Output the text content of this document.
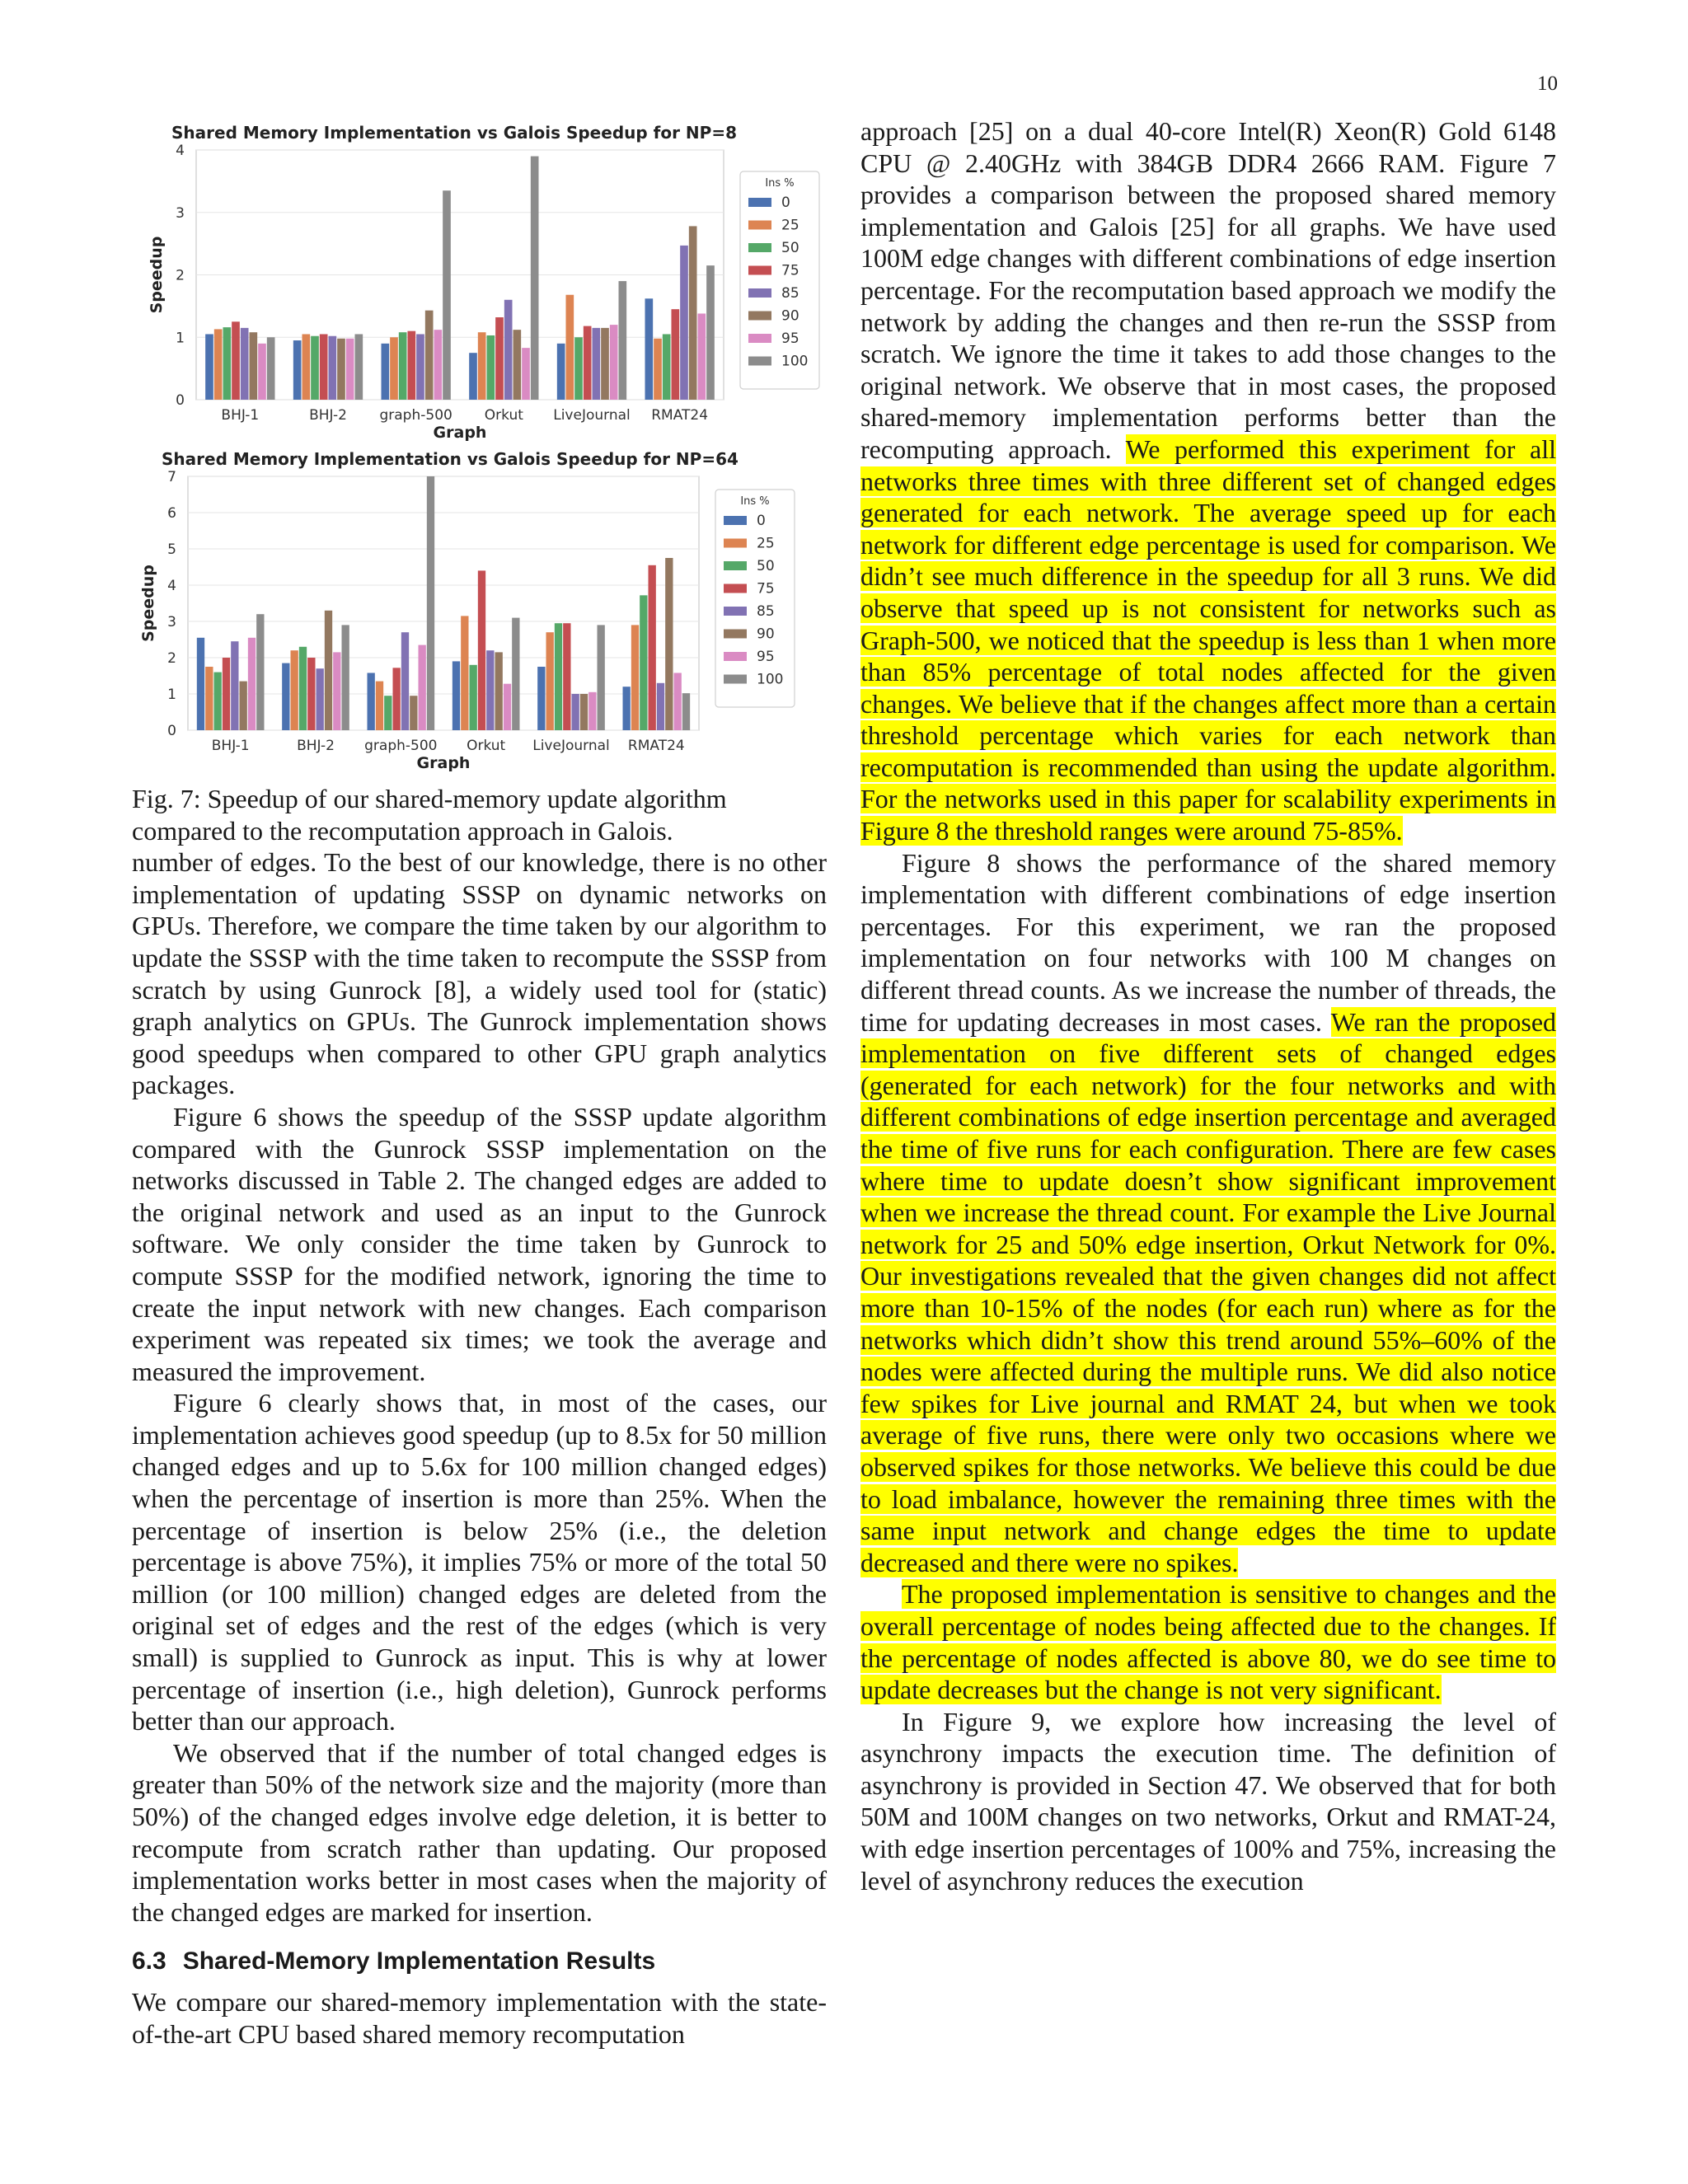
10
Shared Memory Implementation vs Galois Speedup for NP=8
0
1
2
3
4
Speedup
BHJ-1	BHJ-2 graph-500 Orkut LiveJournal RMAT24
Graph
Ins %
0
25
50
75
85
90
95
100
Shared Memory Implementation vs Galois Speedup for NP=64
0
1
2
3
4
5
6
7
Speedup
BHJ-1	BHJ-2 graph-500 Orkut LiveJournal RMAT24
Graph
Ins %
0
25
50
75
85
90
95
100

Fig. 7: Speedup of our shared-memory update algorithm compared to the recomputation approach in Galois.

number of edges. To the best of our knowledge, there is no other implementation of updating SSSP on dynamic networks on GPUs. Therefore, we compare the time taken by our algorithm to update the SSSP with the time taken to recompute the SSSP from scratch by using Gunrock [8], a widely used tool for (static) graph analytics on GPUs. The Gunrock implementation shows good speedups when compared to other GPU graph analytics packages.

Figure 6 shows the speedup of the SSSP update algorithm compared with the Gunrock SSSP implementation on the networks discussed in Table 2. The changed edges are added to the original network and used as an input to the Gunrock software. We only consider the time taken by Gunrock to compute SSSP for the modified network, ignoring the time to create the input network with new changes. Each comparison experiment was repeated six times; we took the average and measured the improvement.

Figure 6 clearly shows that, in most of the cases, our implementation achieves good speedup (up to 8.5x for 50 million changed edges and up to 5.6x for 100 million changed edges) when the percentage of insertion is more than 25%. When the percentage of insertion is below 25% (i.e., the deletion percentage is above 75%), it implies 75% or more of the total 50 million (or 100 million) changed edges are deleted from the original set of edges and the rest of the edges (which is very small) is supplied to Gunrock as input. This is why at lower percentage of insertion (i.e., high deletion), Gunrock performs better than our approach.

We observed that if the number of total changed edges is greater than 50% of the network size and the majority (more than 50%) of the changed edges involve edge deletion, it is better to recompute from scratch rather than updating. Our proposed implementation works better in most cases when the majority of the changed edges are marked for insertion.

6.3 Shared-Memory Implementation Results

We compare our shared-memory implementation with the state-of-the-art CPU based shared memory recomputation

approach [25] on a dual 40-core Intel(R) Xeon(R) Gold 6148 CPU @ 2.40GHz with 384GB DDR4 2666 RAM. Figure 7 provides a comparison between the proposed shared memory implementation and Galois [25] for all graphs. We have used 100M edge changes with different combinations of edge insertion percentage. For the recomputation based approach we modify the network by adding the changes and then re-run the SSSP from scratch. We ignore the time it takes to add those changes to the original network. We observe that in most cases, the proposed shared-memory implementation performs better than the recomputing approach. We performed this experiment for all networks three times with three different set of changed edges generated for each network. The average speed up for each network for different edge percentage is used for comparison. We didn’t see much difference in the speedup for all 3 runs. We did observe that speed up is not consistent for networks such as Graph-500, we noticed that the speedup is less than 1 when more than 85% percentage of total nodes affected for the given changes. We believe that if the changes affect more than a certain threshold percentage which varies for each network than recomputation is recommended than using the update algorithm. For the networks used in this paper for scalability experiments in Figure 8 the threshold ranges were around 75-85%.

Figure 8 shows the performance of the shared memory implementation with different combinations of edge insertion percentages. For this experiment, we ran the proposed implementation on four networks with 100 M changes on different thread counts. As we increase the number of threads, the time for updating decreases in most cases. We ran the proposed implementation on five different sets of changed edges (generated for each network) for the four networks and with different combinations of edge insertion percentage and averaged the time of five runs for each configuration. There are few cases where time to update doesn’t show significant improvement when we increase the thread count. For example the Live Journal network for 25 and 50% edge insertion, Orkut Network for 0%. Our investigations revealed that the given changes did not affect more than 10-15% of the nodes (for each run) where as for the networks which didn’t show this trend around 55%–60% of the nodes were affected during the multiple runs. We did also notice few spikes for Live journal and RMAT 24, but when we took average of five runs, there were only two occasions where we observed spikes for those networks. We believe this could be due to load imbalance, however the remaining three times with the same input network and change edges the time to update decreased and there were no spikes.

The proposed implementation is sensitive to changes and the overall percentage of nodes being affected due to the changes. If the percentage of nodes affected is above 80, we do see time to update decreases but the change is not very significant.

In Figure 9, we explore how increasing the level of asynchrony impacts the execution time. The definition of asynchrony is provided in Section 47. We observed that for both 50M and 100M changes on two networks, Orkut and RMAT-24, with edge insertion percentages of 100% and 75%, increasing the level of asynchrony reduces the execution
